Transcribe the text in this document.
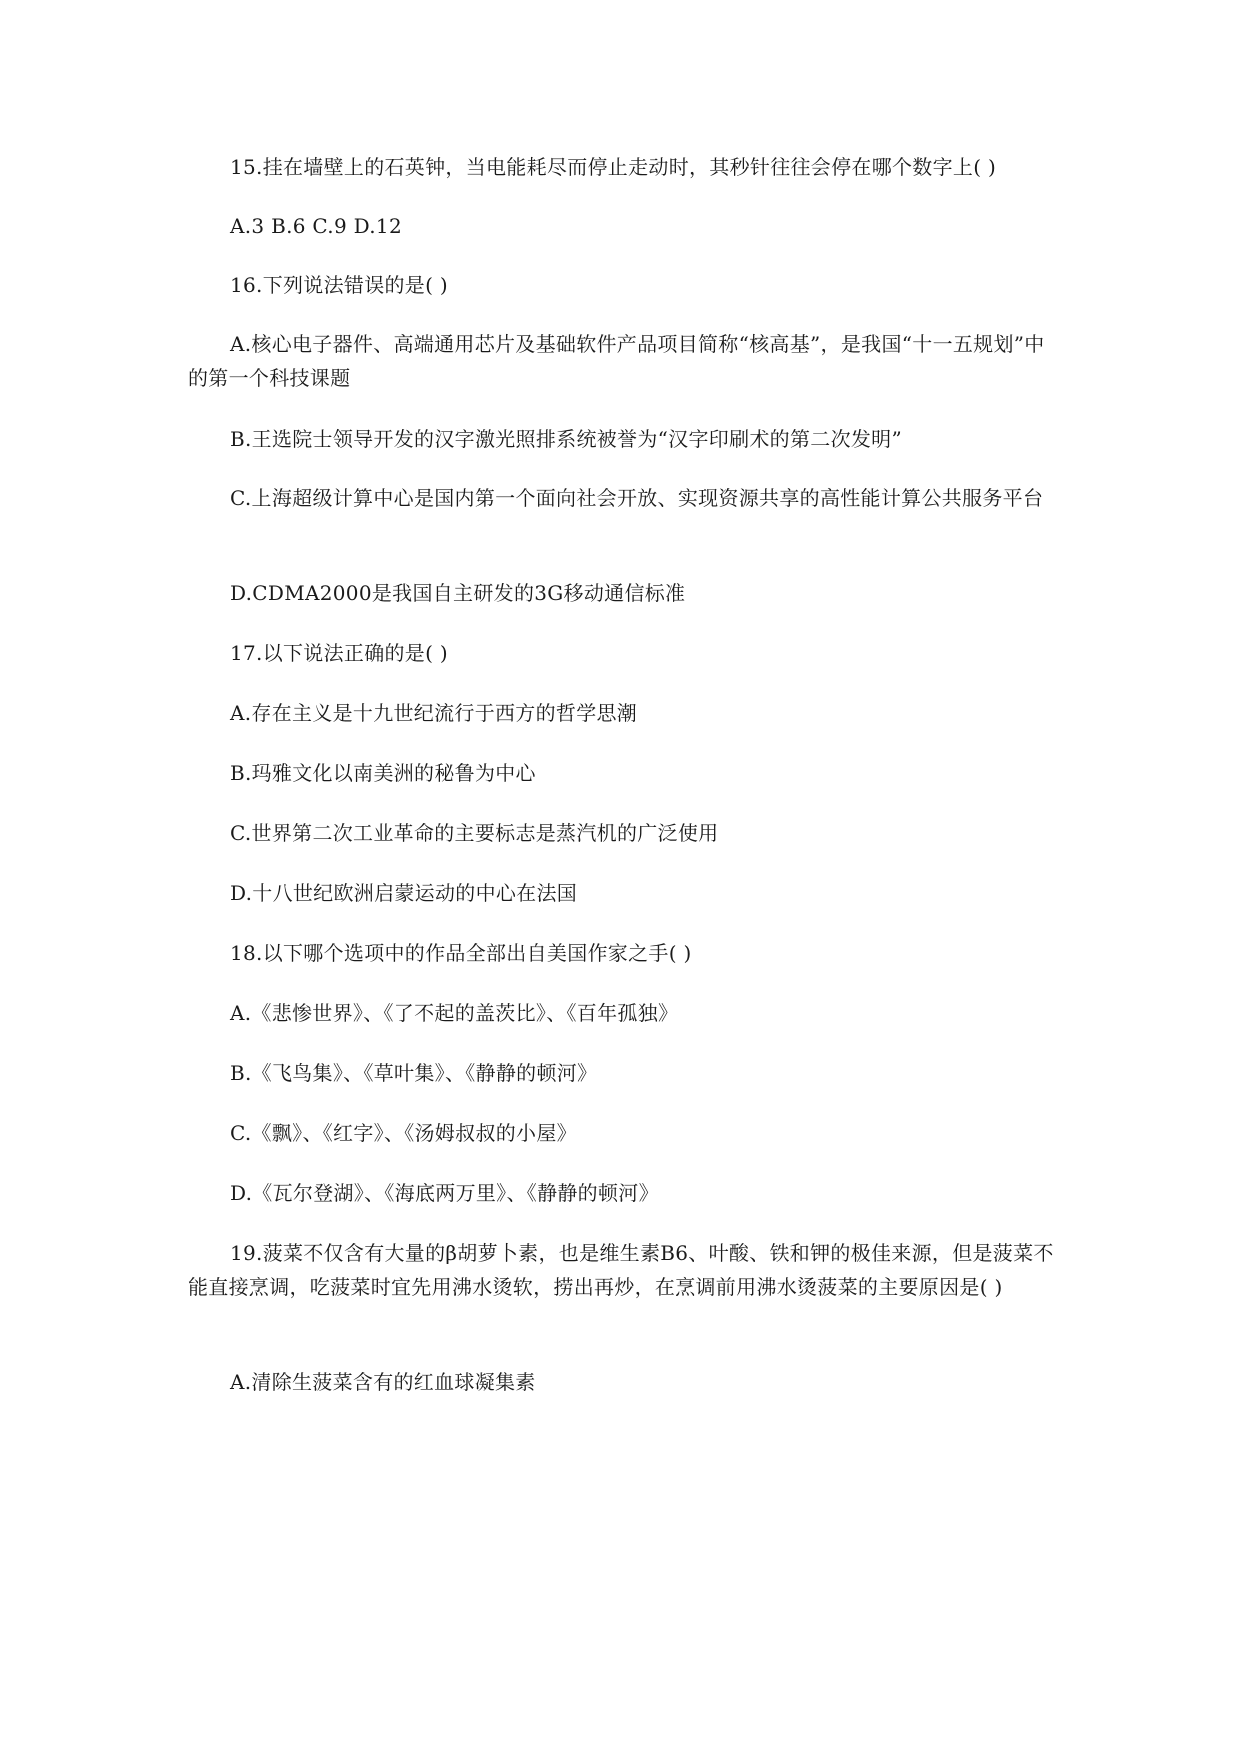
15.挂在墙壁上的石英钟，当电能耗尽而停止走动时，其秒针往往会停在哪个数字上( )

A.3 B.6 C.9 D.12

16.下列说法错误的是( )

A.核心电子器件、高端通用芯片及基础软件产品项目简称“核高基”，是我国“十一五规划”中的第一个科技课题

B.王选院士领导开发的汉字激光照排系统被誉为“汉字印刷术的第二次发明”

C.上海超级计算中心是国内第一个面向社会开放、实现资源共享的高性能计算公共服务平台

D.CDMA2000是我国自主研发的3G移动通信标准

17.以下说法正确的是( )

A.存在主义是十九世纪流行于西方的哲学思潮

B.玛雅文化以南美洲的秘鲁为中心

C.世界第二次工业革命的主要标志是蒸汽机的广泛使用

D.十八世纪欧洲启蒙运动的中心在法国

18.以下哪个选项中的作品全部出自美国作家之手( )

A.《悲惨世界》、《了不起的盖茨比》、《百年孤独》

B.《飞鸟集》、《草叶集》、《静静的顿河》

C.《飘》、《红字》、《汤姆叔叔的小屋》

D.《瓦尔登湖》、《海底两万里》、《静静的顿河》

19.菠菜不仅含有大量的β胡萝卜素，也是维生素B6、叶酸、铁和钾的极佳来源，但是菠菜不能直接烹调，吃菠菜时宜先用沸水烫软，捞出再炒，在烹调前用沸水烫菠菜的主要原因是( )

A.清除生菠菜含有的红血球凝集素
